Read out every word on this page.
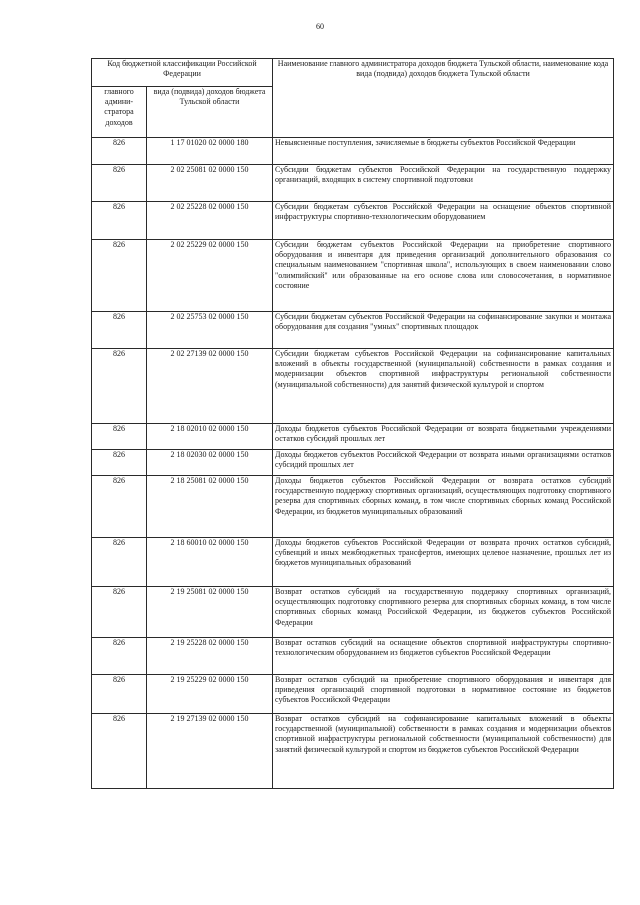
60
Код бюджетной классификации Российской Федерации		Наименование главного администратора доходов бюджета Тульской области, наименование кода вида (подвида) доходов бюджета Тульской области
главного админи-стратора доходов	вида (подвида) доходов бюджета Тульской области	
826	1 17 01020 02 0000 180	Невыясненные поступления, зачисляемые в бюджеты субъектов Российской Федерации
826	2 02 25081 02 0000 150	Субсидии бюджетам субъектов Российской Федерации на государственную поддержку организаций, входящих в систему спортивной подготовки
826	2 02 25228 02 0000 150	Субсидии бюджетам субъектов Российской Федерации на оснащение объектов спортивной инфраструктуры спортивно-технологическим оборудованием
826	2 02 25229 02 0000 150	Субсидии бюджетам субъектов Российской Федерации на приобретение спортивного оборудования и инвентаря для приведения организаций дополнительного образования со специальным наименованием "спортивная школа", использующих в своем наименовании слово "олимпийский" или образованные на его основе слова или словосочетания, в нормативное состояние
826	2 02 25753 02 0000 150	Субсидии бюджетам субъектов Российской Федерации на софинансирование закупки и монтажа оборудования для создания "умных" спортивных площадок
826	2 02 27139 02 0000 150	Субсидии бюджетам субъектов Российской Федерации на софинансирование капитальных вложений в объекты государственной (муниципальной) собственности в рамках создания и модернизации объектов спортивной инфраструктуры региональной собственности (муниципальной собственности) для занятий физической культурой и спортом
826	2 18 02010 02 0000 150	Доходы бюджетов субъектов Российской Федерации от возврата бюджетными учреждениями остатков субсидий прошлых лет
826	2 18 02030 02 0000 150	Доходы бюджетов субъектов Российской Федерации от возврата иными организациями остатков субсидий прошлых лет
826	2 18 25081 02 0000 150	Доходы бюджетов субъектов Российской Федерации от возврата остатков субсидий государственную поддержку спортивных организаций, осуществляющих подготовку спортивного резерва для спортивных сборных команд, в том числе спортивных сборных команд Российской Федерации, из бюджетов муниципальных образований
826	2 18 60010 02 0000 150	Доходы бюджетов субъектов Российской Федерации от возврата прочих остатков субсидий, субвенций и иных межбюджетных трансфертов, имеющих целевое назначение, прошлых лет из бюджетов муниципальных образований
826	2 19 25081 02 0000 150	Возврат остатков субсидий на государственную поддержку спортивных организаций, осуществляющих подготовку спортивного резерва для спортивных сборных команд, в том числе спортивных сборных команд Российской Федерации, из бюджетов субъектов Российской Федерации
826	2 19 25228 02 0000 150	Возврат остатков субсидий на оснащение объектов спортивной инфраструктуры спортивно-технологическим оборудованием из бюджетов субъектов Российской Федерации
826	2 19 25229 02 0000 150	Возврат остатков субсидий на приобретение спортивного оборудования и инвентаря для приведения организаций спортивной подготовки в нормативное состояние из бюджетов субъектов Российской Федерации
826	2 19 27139 02 0000 150	Возврат остатков субсидий на софинансирование капитальных вложений в объекты государственной (муниципальной) собственности в рамках создания и модернизации объектов спортивной инфраструктуры региональной собственности (муниципальной собственности) для занятий физической культурой и спортом из бюджетов субъектов Российской Федерации
